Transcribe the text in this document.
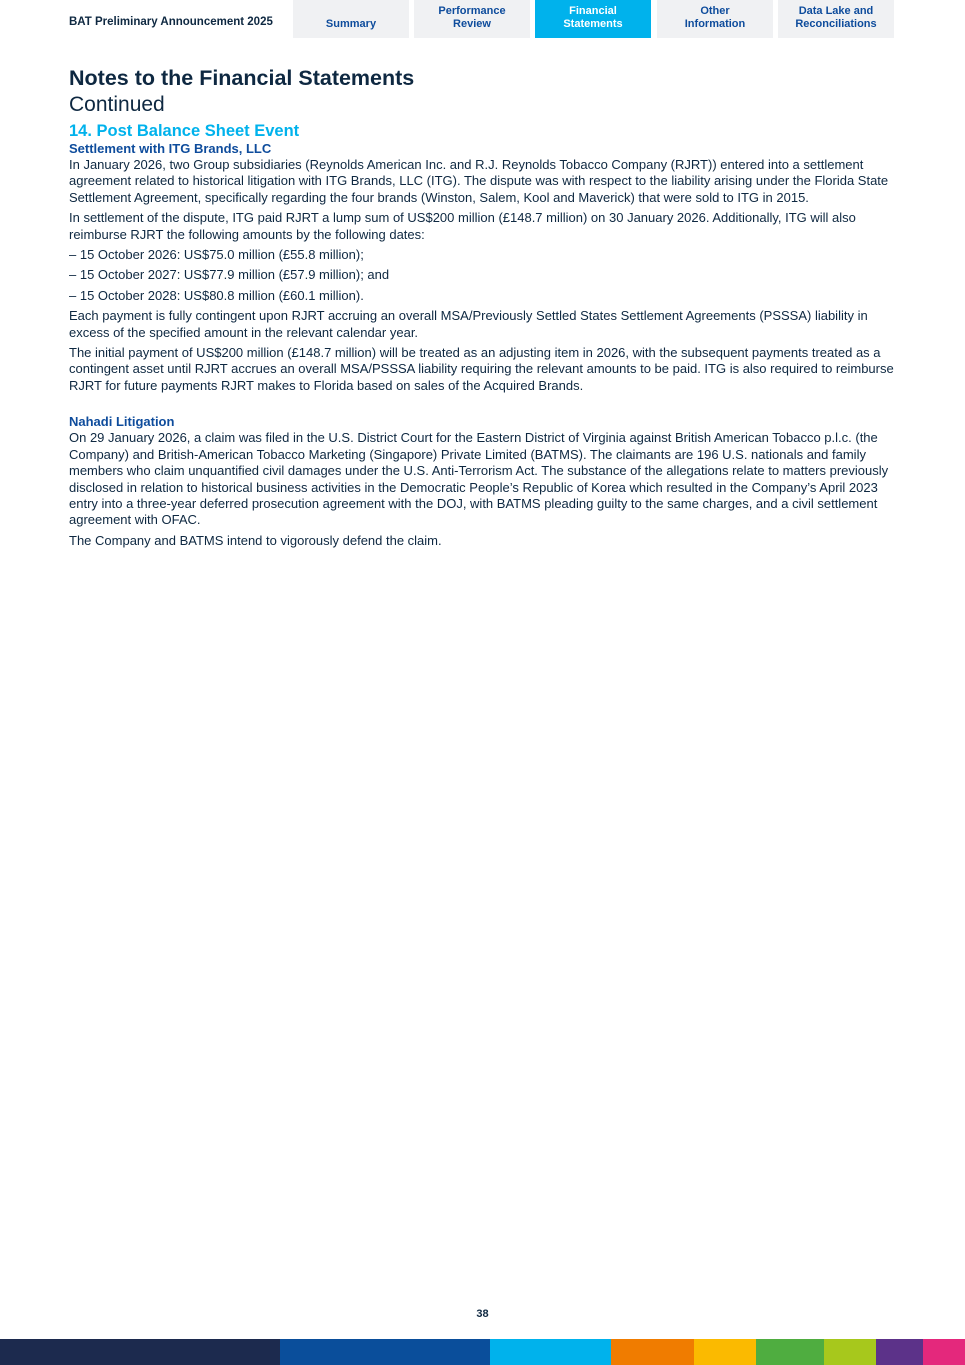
BAT Preliminary Announcement 2025	Summary
Performance
Review
Financial
Statements
Other
Information
Data Lake and
Reconciliations
Notes to the Financial Statements
Continued
14. Post Balance Sheet Event
Settlement with ITG Brands, LLC

In January 2026, two Group subsidiaries (Reynolds American Inc. and R.J. Reynolds Tobacco Company (RJRT)) entered into a settlement agreement related to historical litigation with ITG Brands, LLC (ITG). The dispute was with respect to the liability arising under the Florida State Settlement Agreement, specifically regarding the four brands (Winston, Salem, Kool and Maverick) that were sold to ITG in 2015.

In settlement of the dispute, ITG paid RJRT a lump sum of US$200 million (£148.7 million) on 30 January 2026. Additionally, ITG will also reimburse RJRT the following amounts by the following dates:

– 15 October 2026: US$75.0 million (£55.8 million);

– 15 October 2027: US$77.9 million (£57.9 million); and

– 15 October 2028: US$80.8 million (£60.1 million).

Each payment is fully contingent upon RJRT accruing an overall MSA/Previously Settled States Settlement Agreements (PSSSA) liability in excess of the specified amount in the relevant calendar year.

The initial payment of US$200 million (£148.7 million) will be treated as an adjusting item in 2026, with the subsequent payments treated as a contingent asset until RJRT accrues an overall MSA/PSSSA liability requiring the relevant amounts to be paid. ITG is also required to reimburse RJRT for future payments RJRT makes to Florida based on sales of the Acquired Brands.

Nahadi Litigation

On 29 January 2026, a claim was filed in the U.S. District Court for the Eastern District of Virginia against British American Tobacco p.l.c. (the Company) and British-American Tobacco Marketing (Singapore) Private Limited (BATMS). The claimants are 196 U.S. nationals and family members who claim unquantified civil damages under the U.S. Anti-Terrorism Act. The substance of the allegations relate to matters previously disclosed in relation to historical business activities in the Democratic People’s Republic of Korea which resulted in the Company’s April 2023 entry into a three-year deferred prosecution agreement with the DOJ, with BATMS pleading guilty to the same charges, and a civil settlement agreement with OFAC.

The Company and BATMS intend to vigorously defend the claim.

38
